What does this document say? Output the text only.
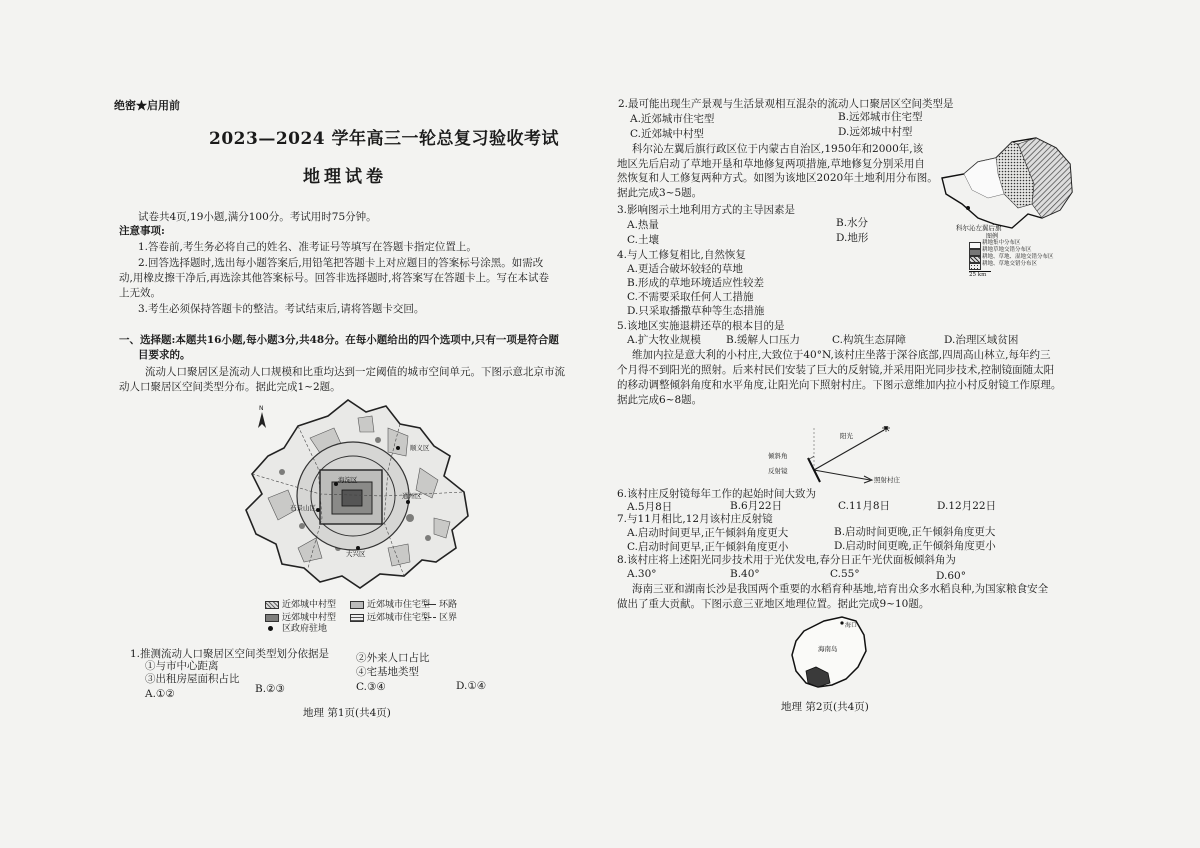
绝密★启用前
2023—2024 学年高三一轮总复习验收考试
地理试卷
试卷共4页,19小题,满分100分。考试用时75分钟。
注意事项:
1.答卷前,考生务必将自己的姓名、准考证号等填写在答题卡指定位置上。
2.回答选择题时,选出每小题答案后,用铅笔把答题卡上对应题目的答案标号涂黑。如需改
动,用橡皮擦干净后,再选涂其他答案标号。回答非选择题时,将答案写在答题卡上。写在本试卷
上无效。
3.考生必须保持答题卡的整洁。考试结束后,请将答题卡交回。
一、选择题:本题共16小题,每小题3分,共48分。在每小题给出的四个选项中,只有一项是符合题
目要求的。
流动人口聚居区是流动人口规模和比重均达到一定阈值的城市空间单元。下图示意北京市流
动人口聚居区空间类型分布。据此完成1~2题。
顺义区
海淀区
通州区
石景山区
大兴区
N
近郊城中村型	近郊城市住宅型 环路
远郊城中村型	远郊城市住宅型 区界
区政府驻地
1.推测流动人口聚居区空间类型划分依据是
①与市中心距离
②外来人口占比
③出租房屋面积占比
④宅基地类型
A.①②	B.②③	C.③④	D.①④
地理 第1页(共4页)
2.最可能出现生产景观与生活景观相互混杂的流动人口聚居区空间类型是
A.近郊城市住宅型	B.远郊城市住宅型
C.近郊城中村型	D.远郊城中村型
科尔沁左翼后旗行政区位于内蒙古自治区,1950年和2000年,该
地区先后启动了草地开垦和草地修复两项措施,草地修复分别采用自
然恢复和人工修复两种方式。如图为该地区2020年土地利用分布图。
据此完成3~5题。
科尔沁左翼后旗
图例
耕地集中分布区
耕地草地交错分布区
耕地、草地、湿地交错分布区
耕地、草地交错分布区
25 km
3.影响图示土地利用方式的主导因素是
A.热量	B.水分
C.土壤	D.地形
4.与人工修复相比,自然恢复
A.更适合破坏较轻的草地
B.形成的草地环境适应性较差
C.不需要采取任何人工措施
D.只采取播撒草种等生态措施
5.该地区实施退耕还草的根本目的是
A.扩大牧业规模 B.缓解人口压力	C.构筑生态屏障	D.治理区域贫困
维加内拉是意大利的小村庄,大致位于40°N,该村庄坐落于深谷底部,四周高山林立,每年约三
个月得不到阳光的照射。后来村民们安装了巨大的反射镜,并采用阳光同步技术,控制镜面随太阳
的移动调整倾斜角度和水平角度,让阳光向下照射村庄。下图示意维加内拉小村反射镜工作原理。
据此完成6~8题。
阳光
倾斜角
反射镜
照射村庄
6.该村庄反射镜每年工作的起始时间大致为
A.5月8日	B.6月22日	C.11月8日	D.12月22日
7.与11月相比,12月该村庄反射镜
A.启动时间更早,正午倾斜角度更大	B.启动时间更晚,正午倾斜角度更大
C.启动时间更早,正午倾斜角度更小	D.启动时间更晚,正午倾斜角度更小
8.该村庄将上述阳光同步技术用于光伏发电,春分日正午光伏面板倾斜角为
A.30°	B.40°	C.55°	D.60°
海南三亚和湖南长沙是我国两个重要的水稻育种基地,培育出众多水稻良种,为国家粮食安全
做出了重大贡献。下图示意三亚地区地理位置。据此完成9~10题。
海口
海南岛
地理 第2页(共4页)
